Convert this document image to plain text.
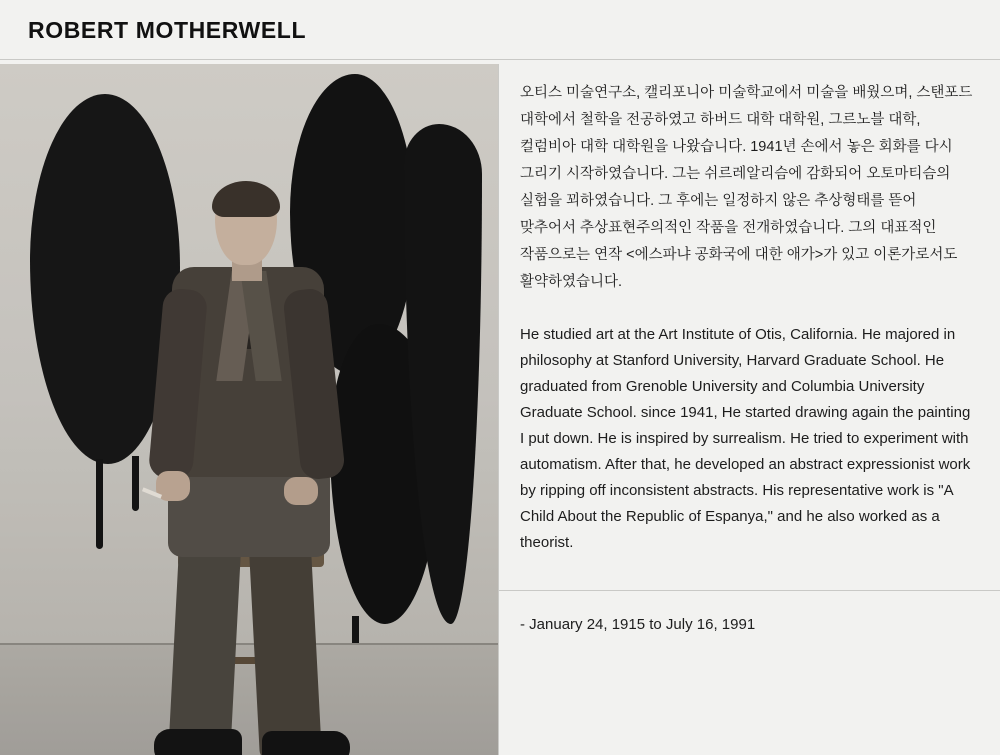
ROBERT MOTHERWELL

오티스 미술연구소, 캘리포니아 미술학교에서 미술을 배웠으며, 스탠포드 대학에서 철학을 전공하였고 하버드 대학 대학원, 그르노블 대학, 컬럼비아 대학 대학원을 나왔습니다. 1941년 손에서 놓은 회화를 다시 그리기 시작하였습니다. 그는 쉬르레알리슴에 감화되어 오토마티슴의 실험을 꾀하였습니다. 그 후에는 일정하지 않은 추상형태를 뜯어 맞추어서 추상표현주의적인 작품을 전개하였습니다. 그의 대표적인 작품으로는 연작 <에스파냐 공화국에 대한 애가>가 있고 이론가로서도 활약하였습니다.

He studied art at the Art Institute of Otis, California. He majored in philosophy at Stanford University, Harvard Graduate School. He graduated from Grenoble University and Columbia University Graduate School. since 1941, He started drawing again the painting I put down. He is inspired by surrealism. He tried to experiment with automatism. After that, he developed an abstract expressionist work by ripping off inconsistent abstracts. His representative work is "A Child About the Republic of Espanya," and he also worked as a theorist.

- January 24, 1915 to July 16, 1991
